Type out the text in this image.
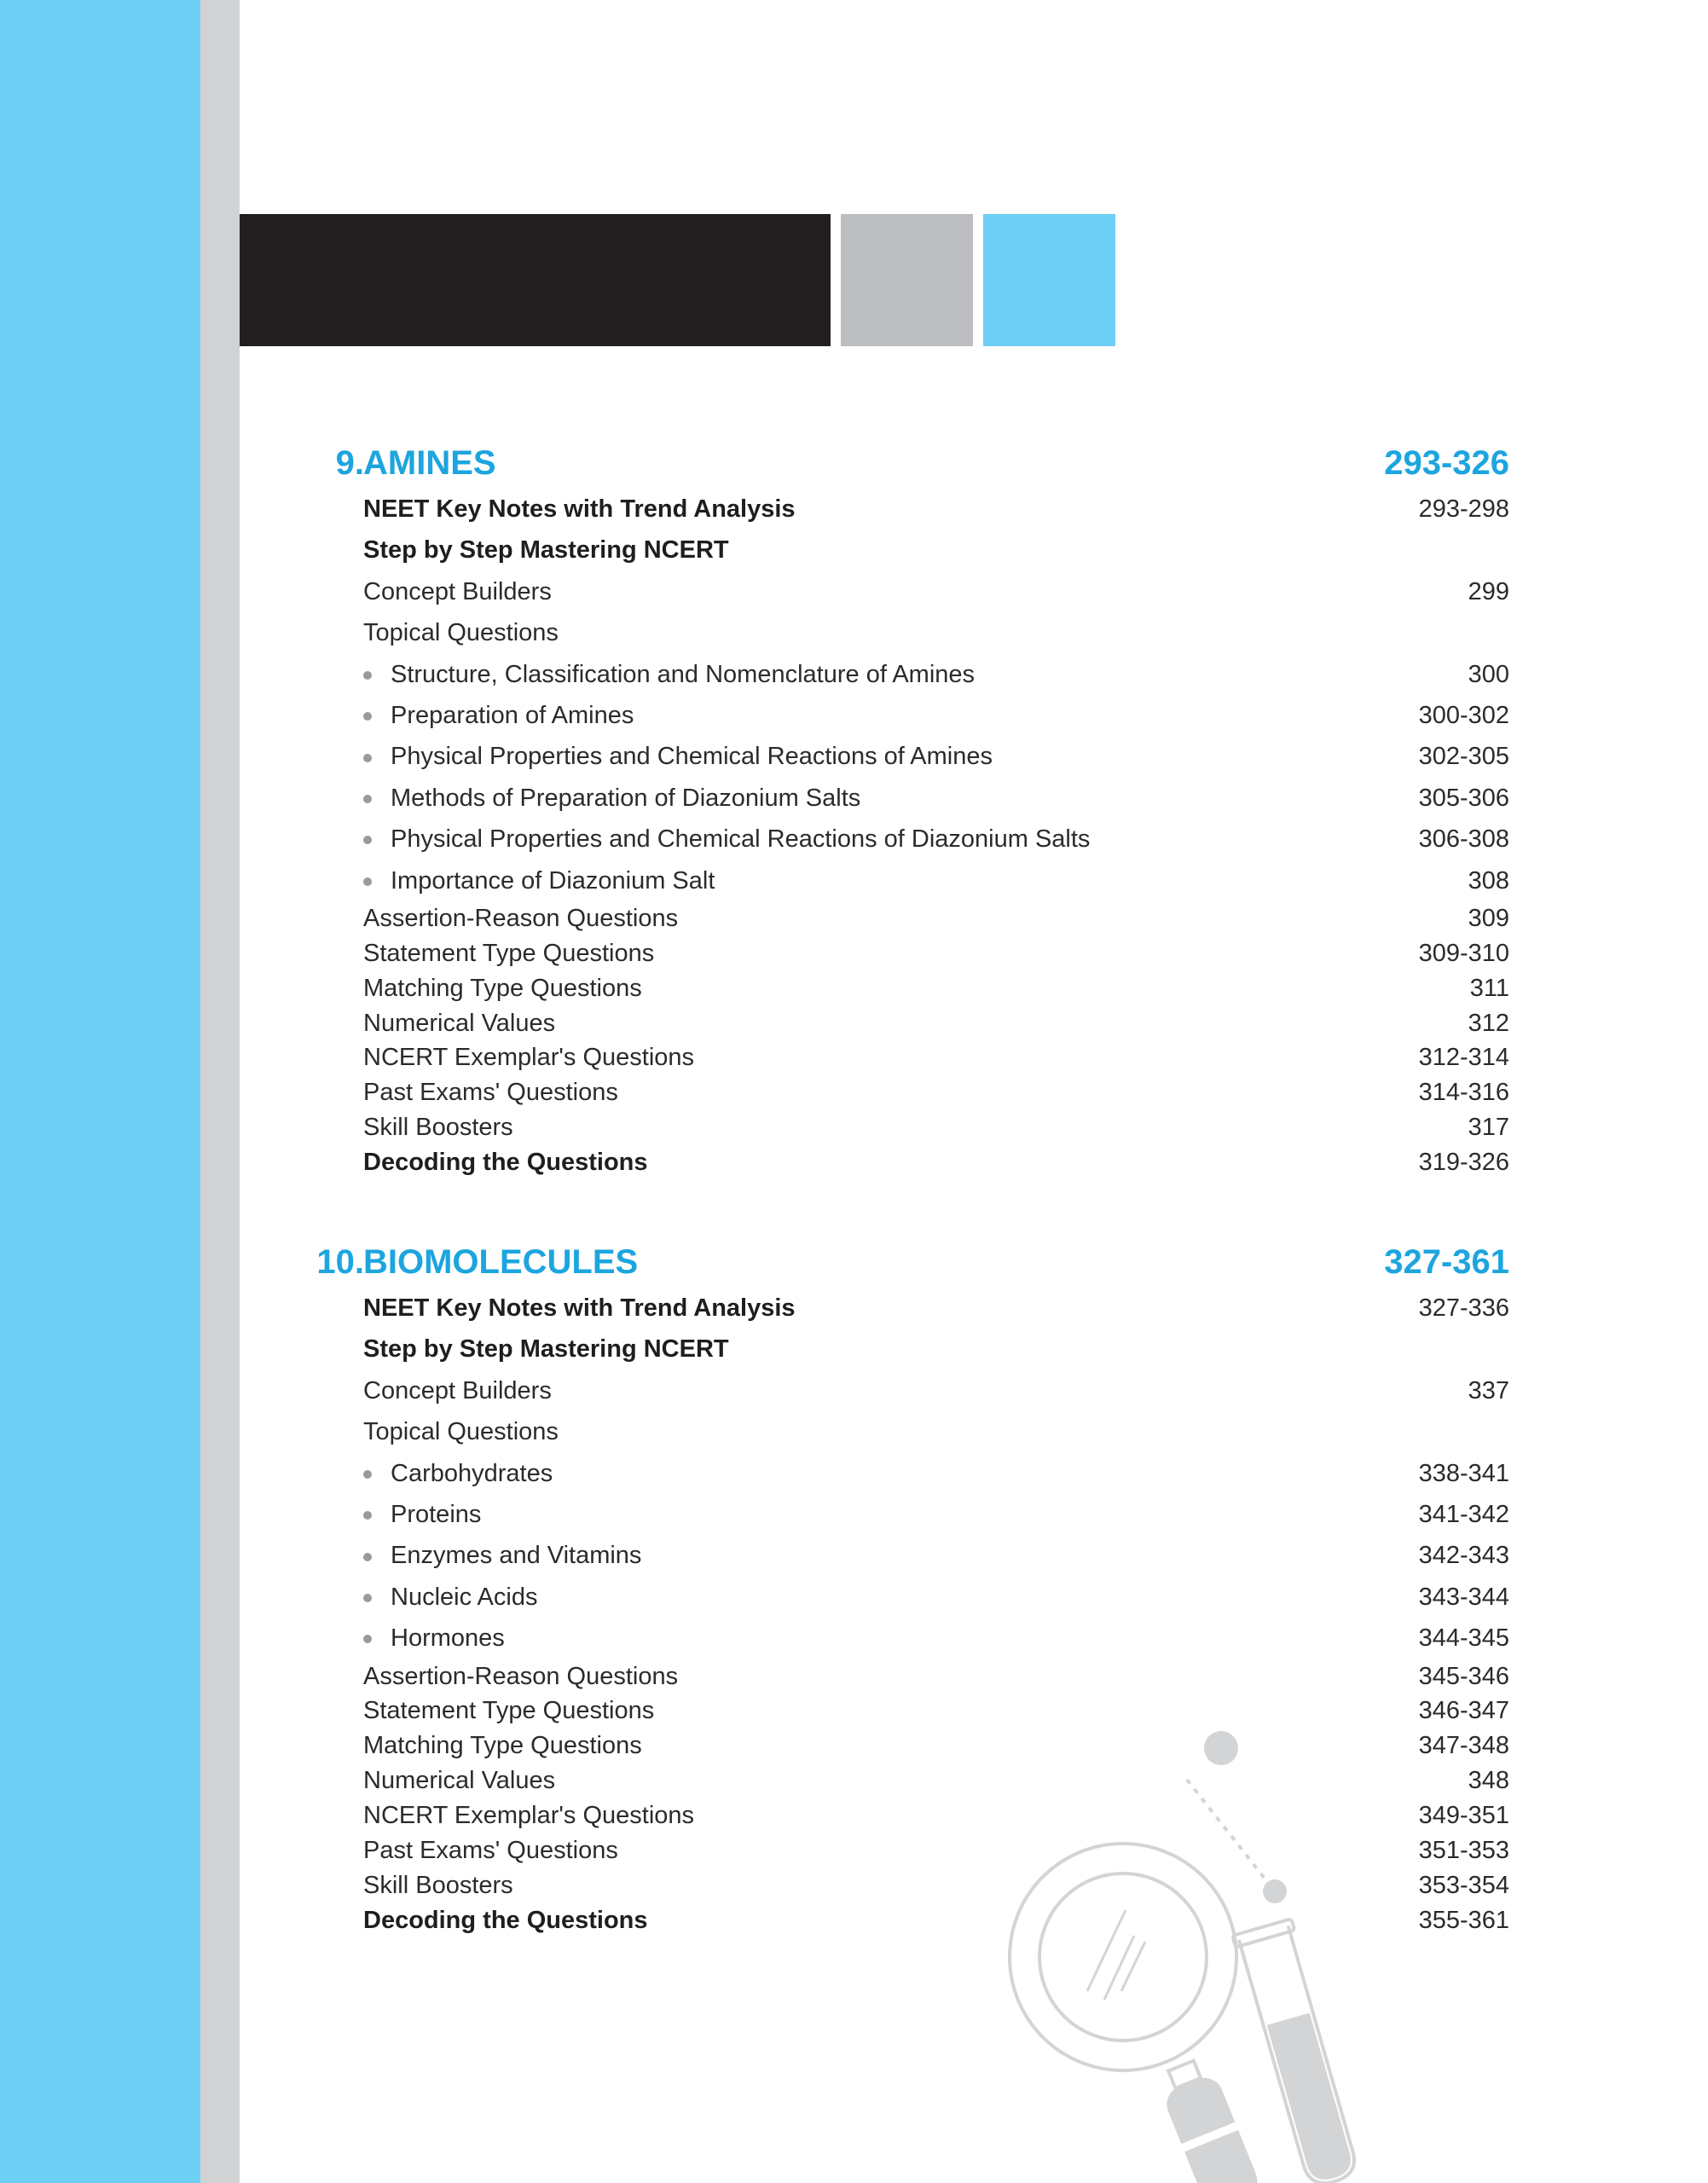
9. AMINES	293-326
NEET Key Notes with Trend Analysis	293-298
Step by Step Mastering NCERT
Concept Builders	299
Topical Questions
Structure, Classification and Nomenclature of Amines	300
Preparation of Amines	300-302
Physical Properties and Chemical Reactions of Amines	302-305
Methods of Preparation of Diazonium Salts	305-306
Physical Properties and Chemical Reactions of Diazonium Salts	306-308
Importance of Diazonium Salt	308
Assertion-Reason Questions	309
Statement Type Questions	309-310
Matching Type Questions	311
Numerical Values	312
NCERT Exemplar's Questions	312-314
Past Exams' Questions	314-316
Skill Boosters	317
Decoding the Questions	319-326
10. BIOMOLECULES	327-361
NEET Key Notes with Trend Analysis	327-336
Step by Step Mastering NCERT
Concept Builders	337
Topical Questions
Carbohydrates	338-341
Proteins	341-342
Enzymes and Vitamins	342-343
Nucleic Acids	343-344
Hormones	344-345
Assertion-Reason Questions	345-346
Statement Type Questions	346-347
Matching Type Questions	347-348
Numerical Values	348
NCERT Exemplar's Questions	349-351
Past Exams' Questions	351-353
Skill Boosters	353-354
Decoding the Questions	355-361
